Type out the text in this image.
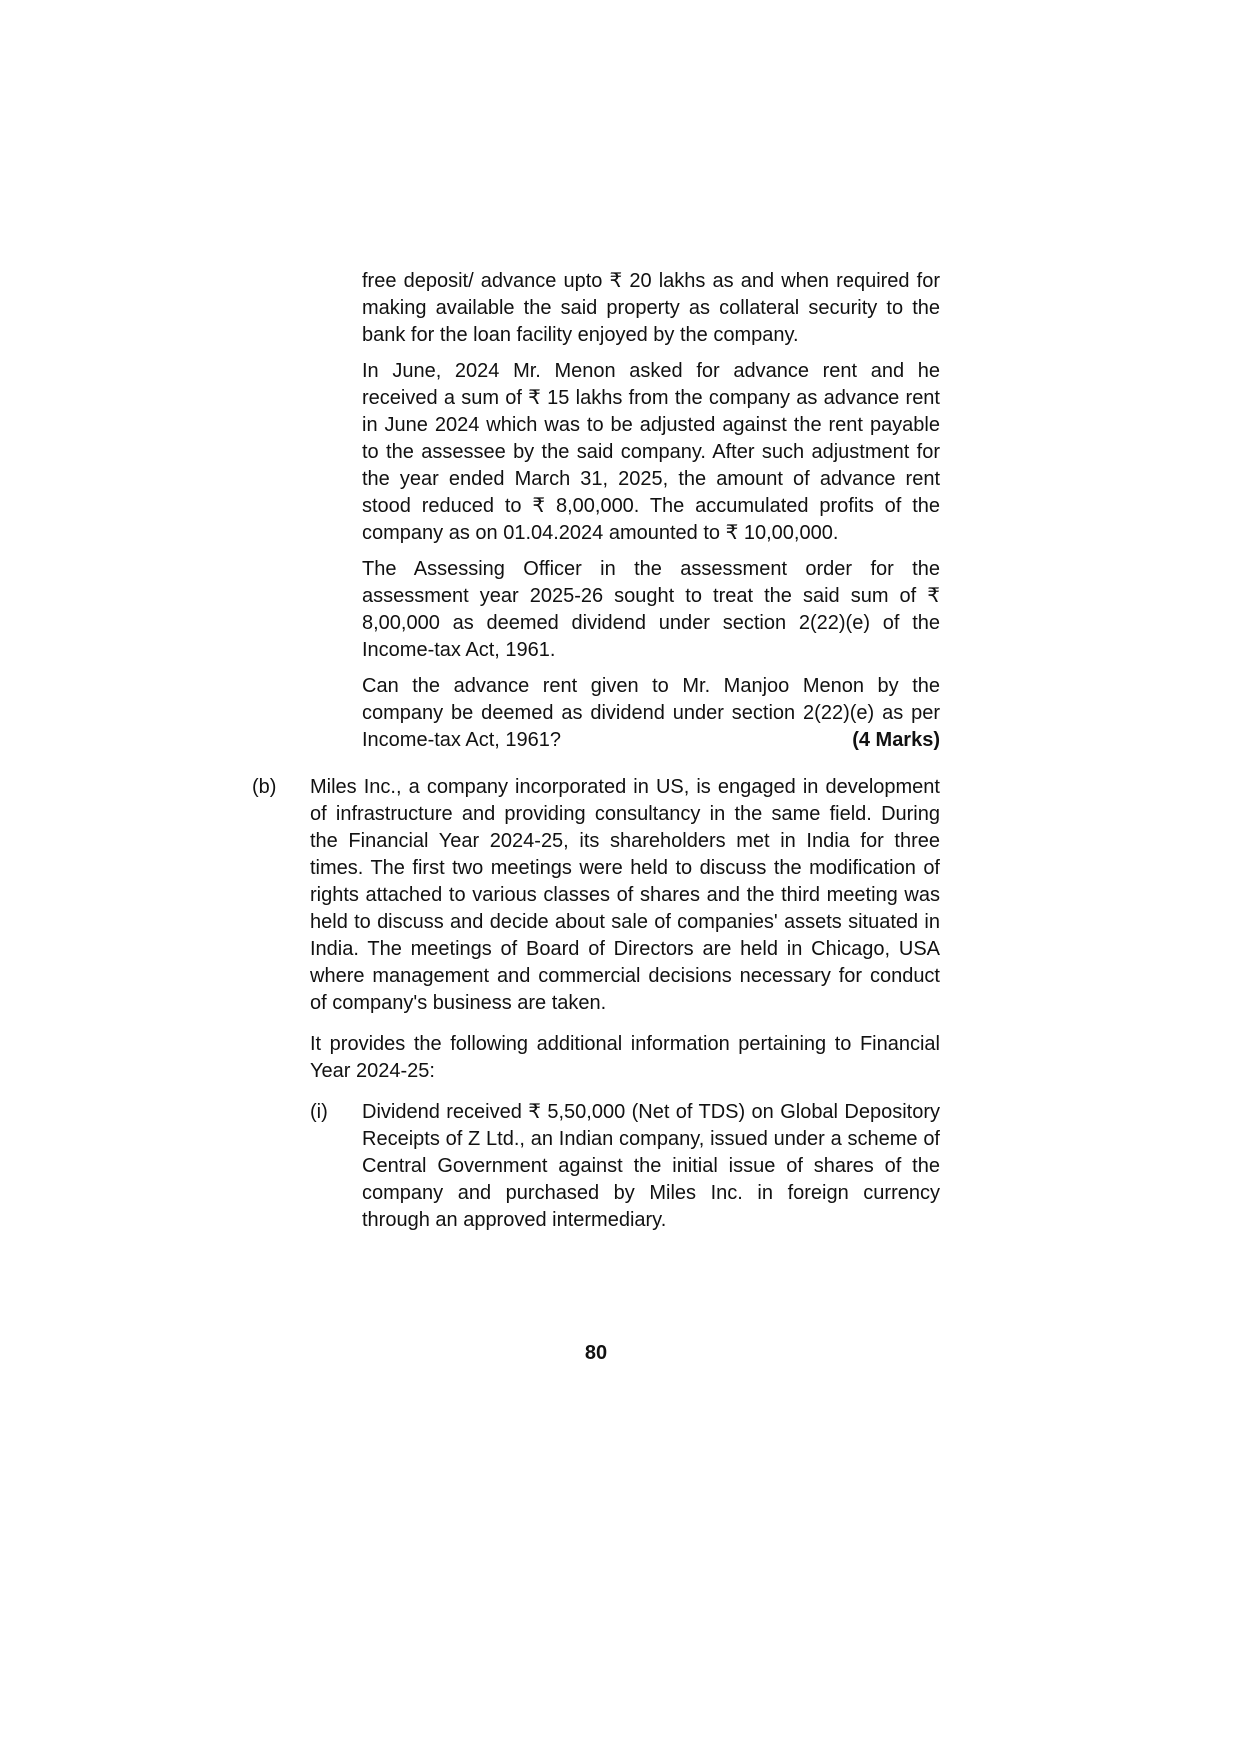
free deposit/ advance upto ₹ 20 lakhs as and when required for making available the said property as collateral security to the bank for the loan facility enjoyed by the company.

In June, 2024 Mr. Menon asked for advance rent and he received a sum of ₹ 15 lakhs from the company as advance rent in June 2024 which was to be adjusted against the rent payable to the assessee by the said company. After such adjustment for the year ended March 31, 2025, the amount of advance rent stood reduced to ₹ 8,00,000. The accumulated profits of the company as on 01.04.2024 amounted to ₹ 10,00,000.

The Assessing Officer in the assessment order for the assessment year 2025-26 sought to treat the said sum of ₹ 8,00,000 as deemed dividend under section 2(22)(e) of the Income-tax Act, 1961.

Can the advance rent given to Mr. Manjoo Menon by the company be deemed as dividend under section 2(22)(e) as per Income-tax Act, 1961?	(4 Marks)

(b)	Miles Inc., a company incorporated in US, is engaged in development of infrastructure and providing consultancy in the same field. During the Financial Year 2024-25, its shareholders met in India for three times. The first two meetings were held to discuss the modification of rights attached to various classes of shares and the third meeting was held to discuss and decide about sale of companies' assets situated in India. The meetings of Board of Directors are held in Chicago, USA where management and commercial decisions necessary for conduct of company's business are taken.

It provides the following additional information pertaining to Financial Year 2024-25:

(i)	Dividend received ₹ 5,50,000 (Net of TDS) on Global Depository Receipts of Z Ltd., an Indian company, issued under a scheme of Central Government against the initial issue of shares of the company and purchased by Miles Inc. in foreign currency through an approved intermediary.

80
